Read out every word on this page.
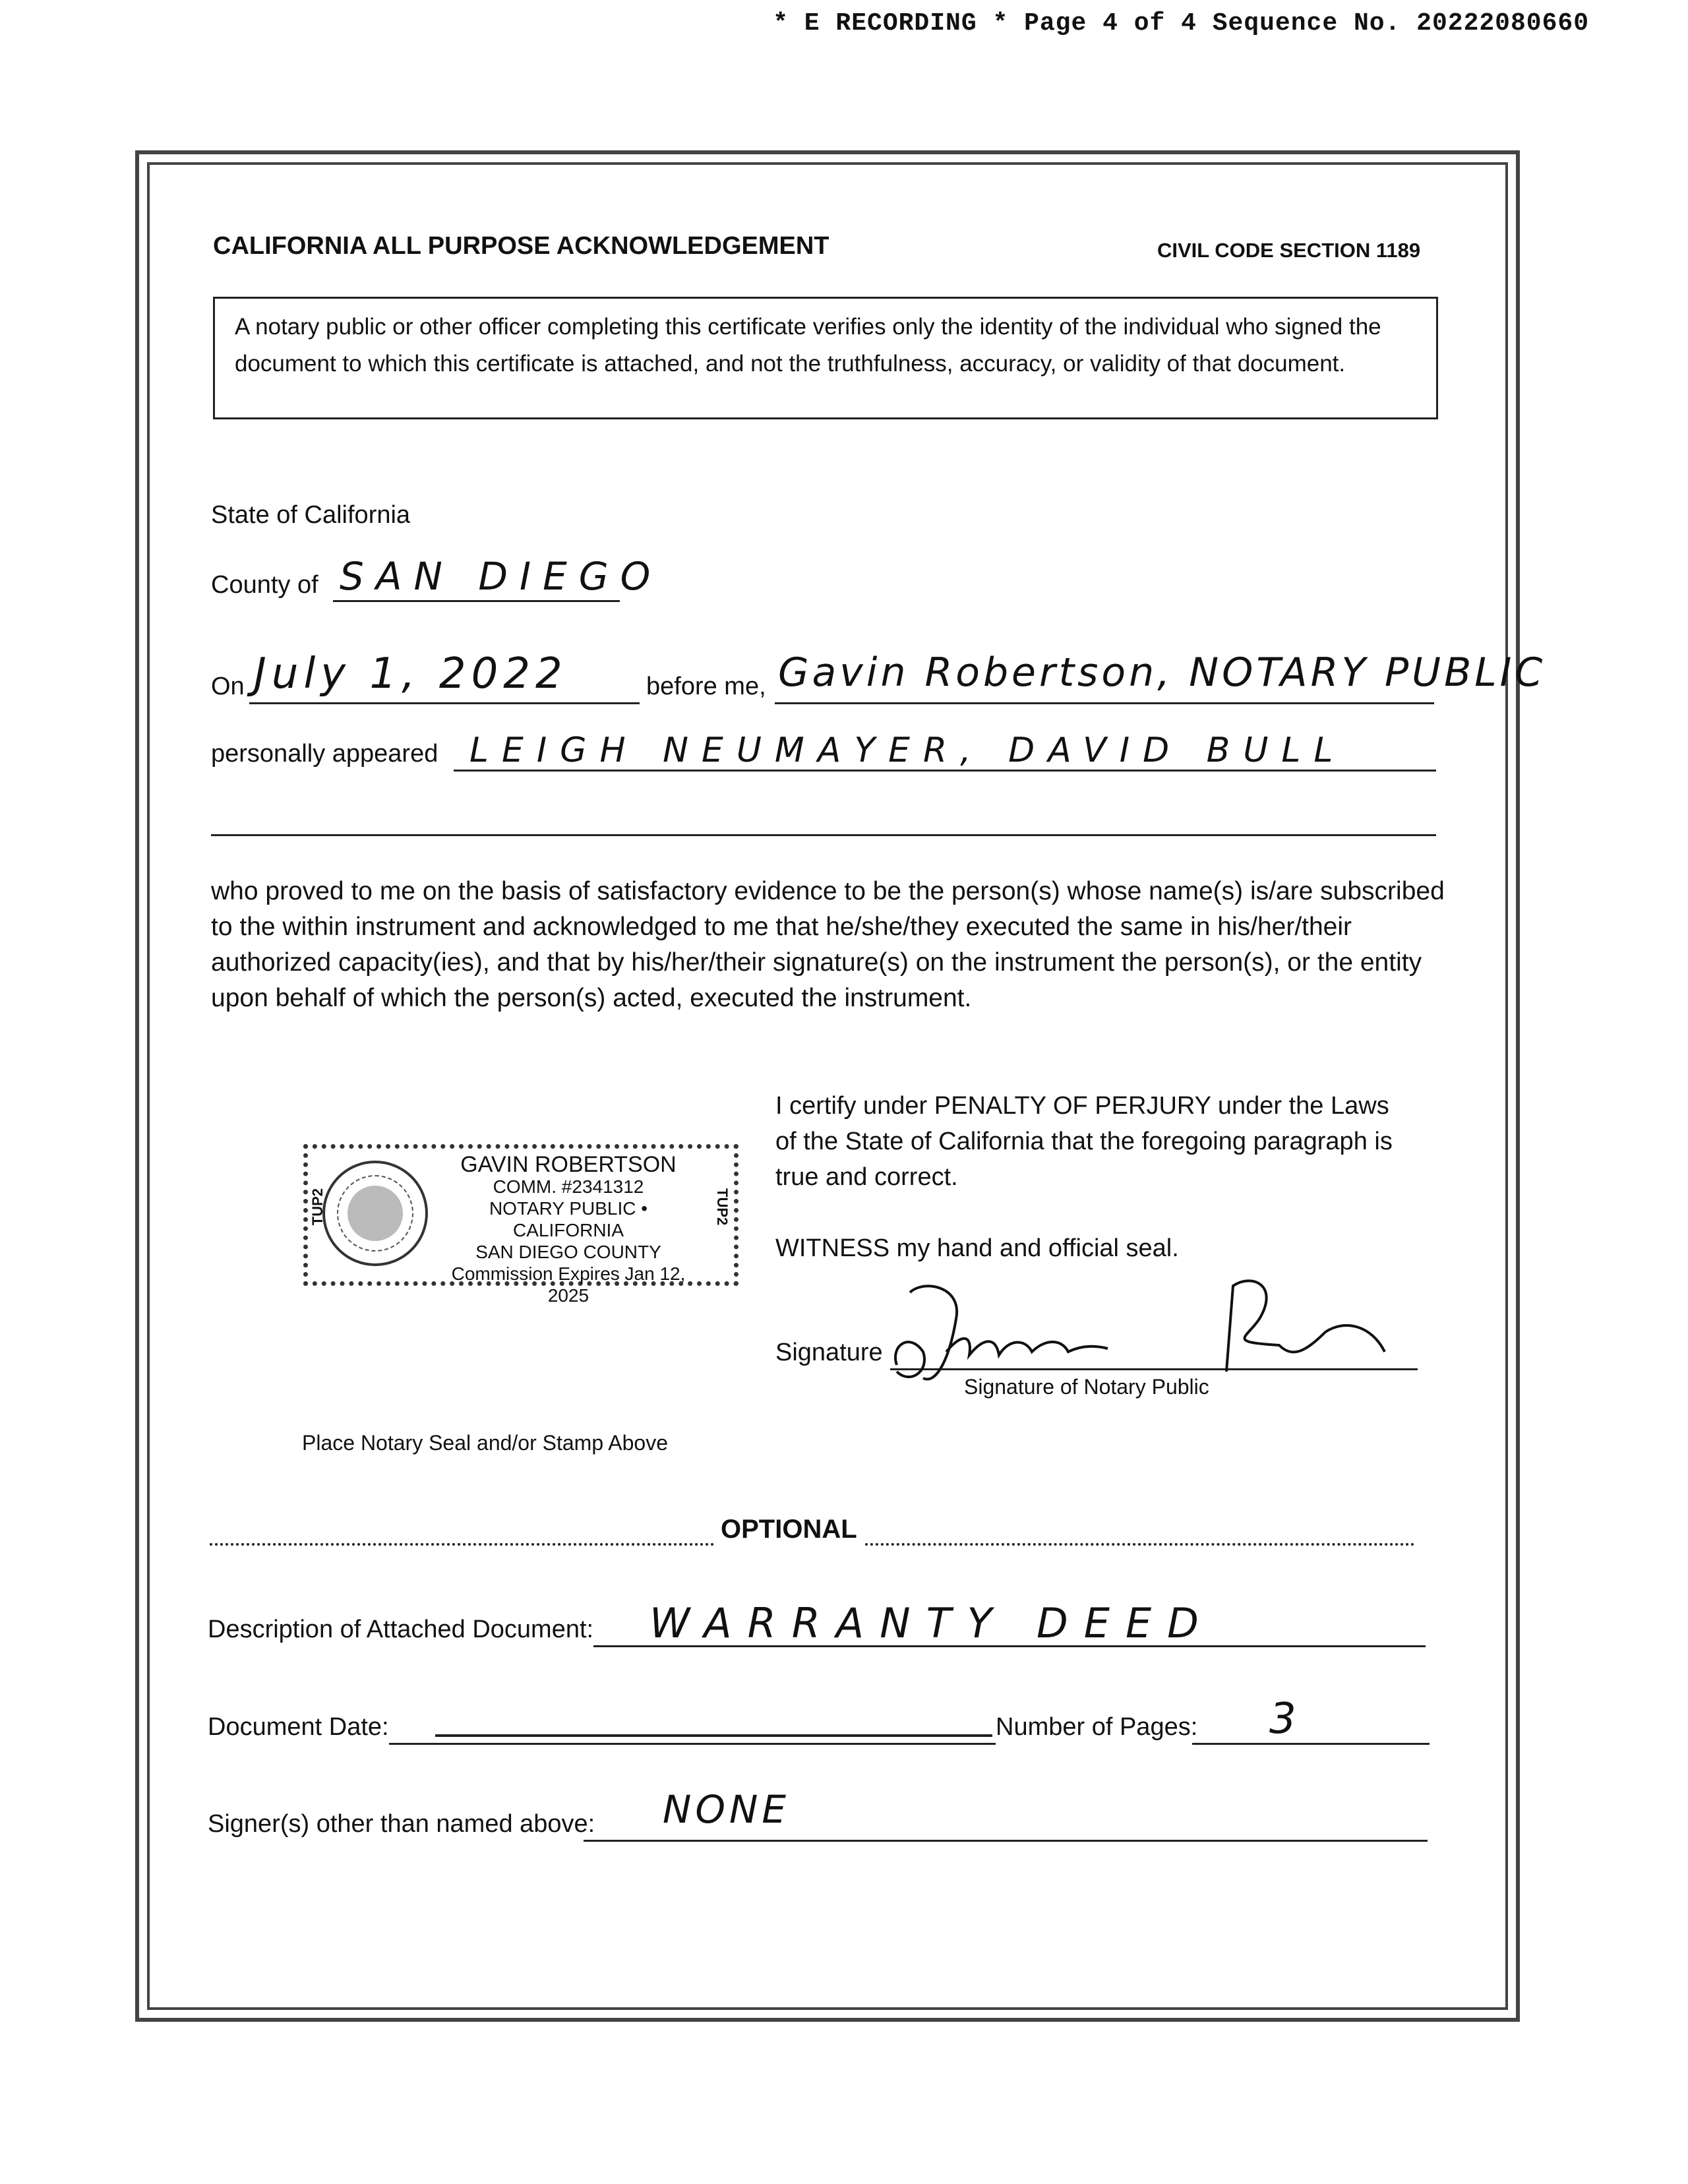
* E RECORDING * Page 4 of 4 Sequence No. 20222080660
CALIFORNIA ALL PURPOSE ACKNOWLEDGEMENT	CIVIL CODE SECTION 1189
A notary public or other officer completing this certificate verifies only the identity of the individual who signed the document to which this certificate is attached, and not the truthfulness, accuracy, or validity of that document.
State of California
County of SAN DIEGO
On July 1, 2022	before me, Gavin Robertson, NOTARY PUBLIC
personally appeared LEIGH NEUMAYER, DAVID BULL
who proved to me on the basis of satisfactory evidence to be the person(s) whose name(s) is/are subscribed to the within instrument and acknowledged to me that he/she/they executed the same in his/her/their authorized capacity(ies), and that by his/her/their signature(s) on the instrument the person(s), or the entity upon behalf of which the person(s) acted, executed the instrument.
I certify under PENALTY OF PERJURY under the Laws of the State of California that the foregoing paragraph is true and correct.
WITNESS my hand and official seal.
TUP2
GAVIN ROBERTSON
COMM. #2341312
NOTARY PUBLIC • CALIFORNIA
SAN DIEGO COUNTY
Commission Expires Jan 12, 2025
TUP2
Signature
Signature of Notary Public
Place Notary Seal and/or Stamp Above
OPTIONAL
Description of Attached Document: WARRANTY DEED
Document Date:	Number of Pages: 3
Signer(s) other than named above: NONE
